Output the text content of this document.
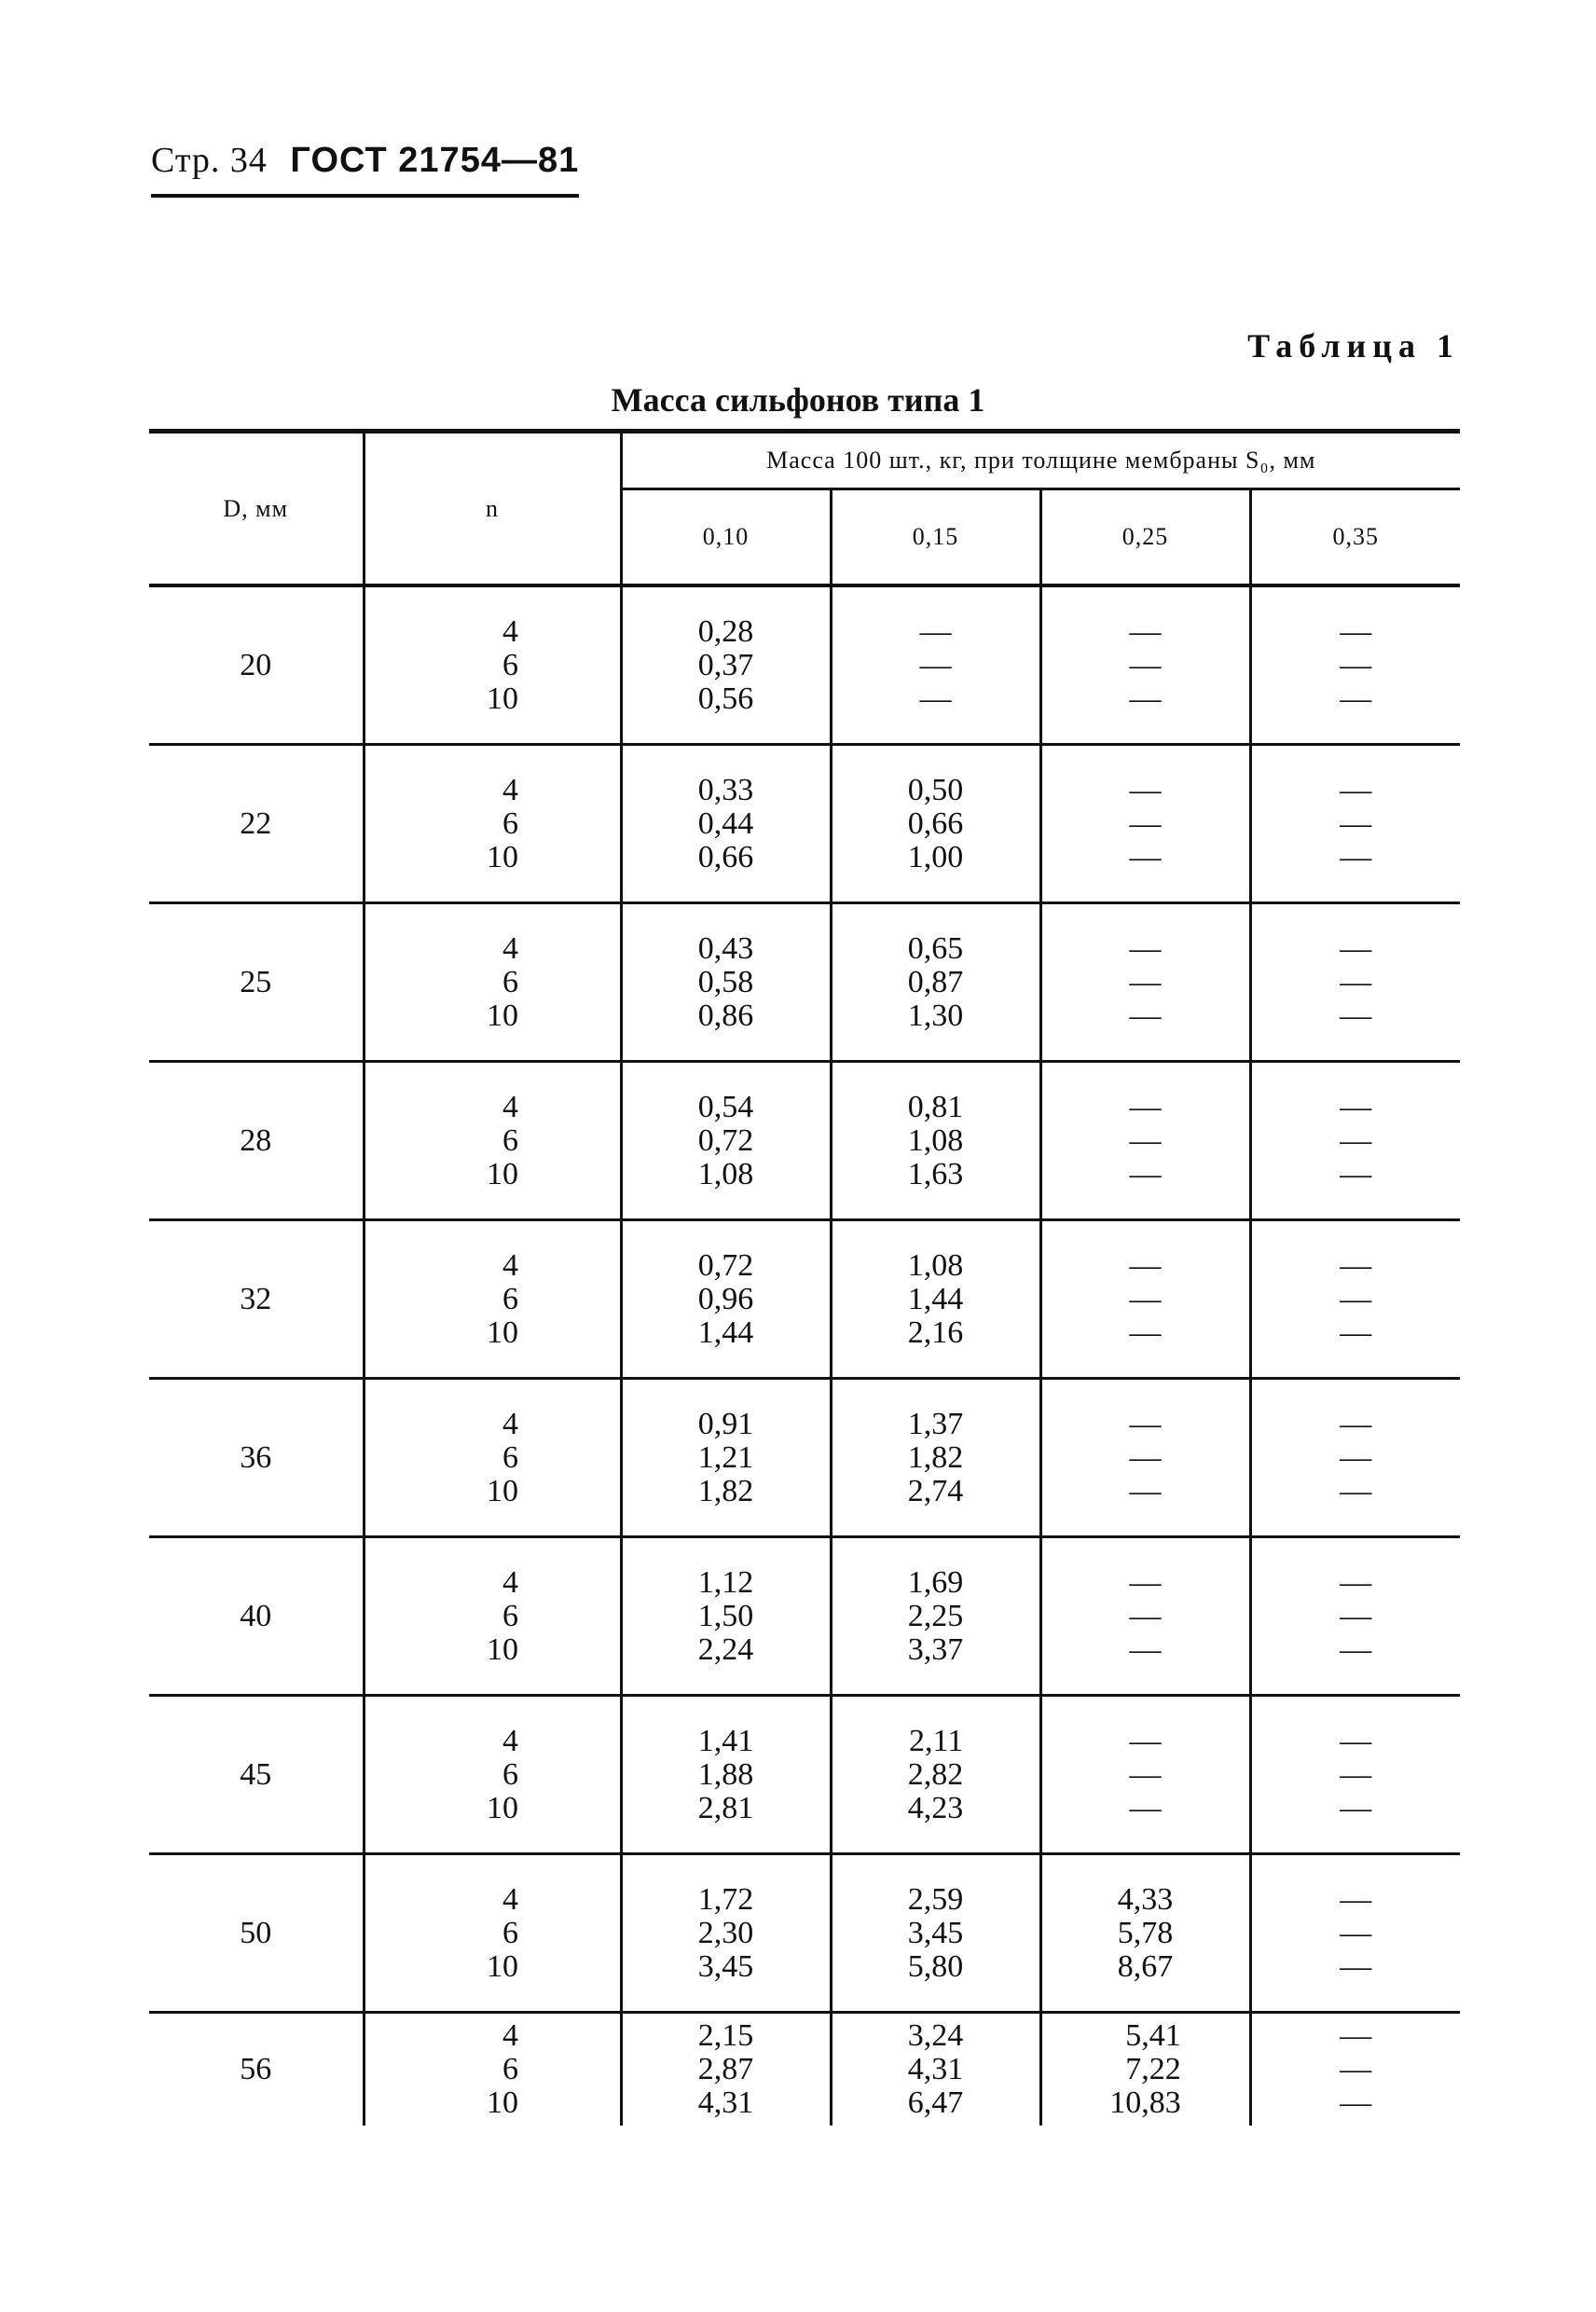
Стр. 34 ГОСТ 21754—81
Таблица 1
Масса сильфонов типа 1
D, мм	n	Масса 100 шт., кг, при толщине мембраны S₀, мм			
		0,10	0,15	0,25	0,35
20	4
6
10	0,28
0,37
0,56	—
—
—	—
—
—	—
—
—

22	4
6
10	0,33
0,44
0,66	0,50
0,66
1,00	—
—
—	—
—
—

25	4
6
10	0,43
0,58
0,86	0,65
0,87
1,30	—
—
—	—
—
—

28	4
6
10	0,54
0,72
1,08	0,81
1,08
1,63	—
—
—	—
—
—

32	4
6
10	0,72
0,96
1,44	1,08
1,44
2,16	—
—
—	—
—
—

36	4
6
10	0,91
1,21
1,82	1,37
1,82
2,74	—
—
—	—
—
—

40	4
6
10	1,12
1,50
2,24	1,69
2,25
3,37	—
—
—	—
—
—

45	4
6
10	1,41
1,88
2,81	2,11
2,82
4,23	—
—
—	—
—
—

50	4
6
10	1,72
2,30
3,45	2,59
3,45
5,80	4,33
5,78
8,67	—
—
—

56	4
6
10	2,15
2,87
4,31	3,24
4,31
6,47	5,41
7,22
10,83	—
—
—
